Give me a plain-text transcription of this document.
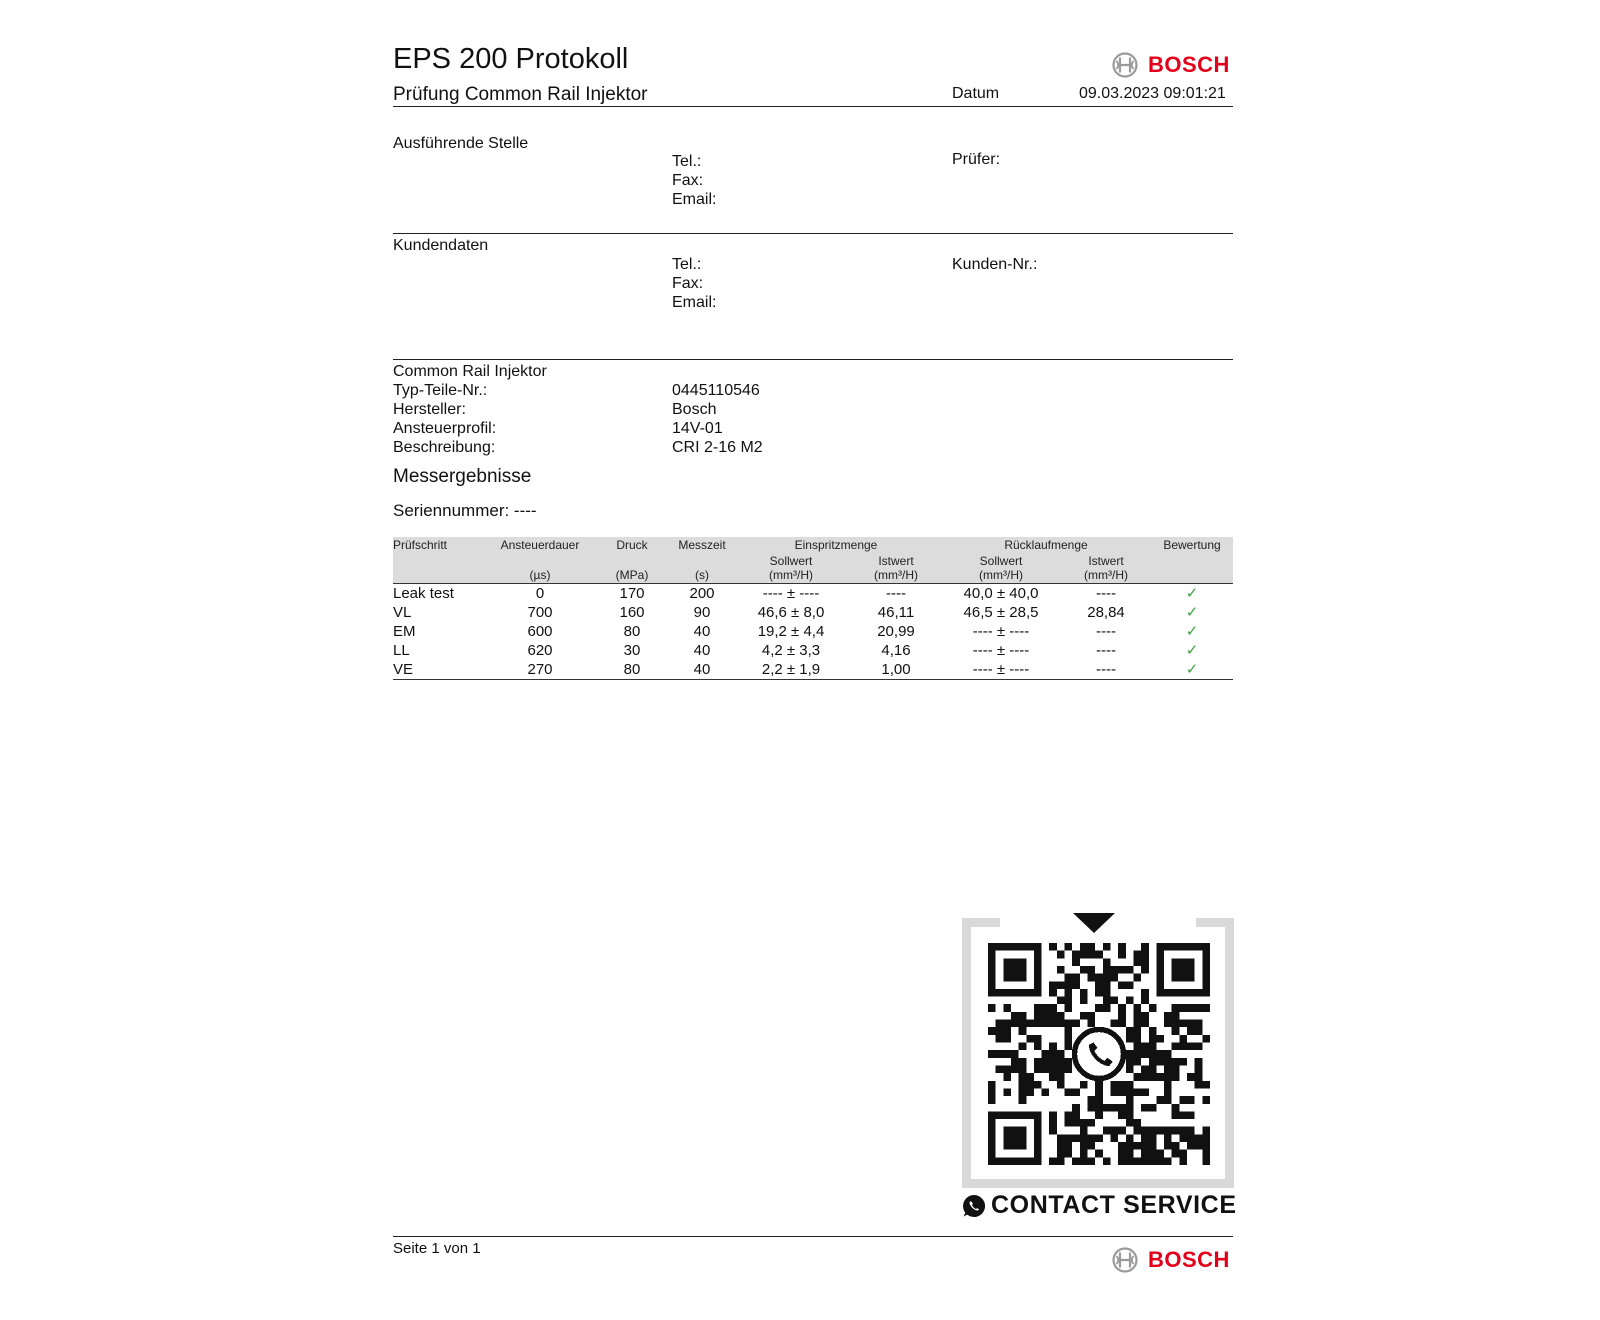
EPS 200 Protokoll
Prüfung Common Rail Injektor	Datum	09.03.2023 09:01:21
BOSCH
Ausführende Stelle
Tel.:
Fax:
Email:
Prüfer:
Kundendaten
Tel.:
Fax:
Email:
Kunden-Nr.:
Common Rail Injektor
Typ-Teile-Nr.:	0445110546
Hersteller:	Bosch
Ansteuerprofil:	14V-01
Beschreibung:	CRI 2-16 M2
Messergebnisse
Seriennummer: ----
Prüfschritt	Ansteuerdauer	Druck	Messzeit	Einspritzmenge		Rücklaufmenge		Bewertung
				Sollwert	Istwert	Sollwert	Istwert	
	(µs)	(MPa)	(s)	(mm³/H)	(mm³/H)	(mm³/H)	(mm³/H)	
Leak test	0	170	200	---- ± ----	----	40,0 ± 40,0	----	✓
VL	700	160	90	46,6 ± 8,0	46,11	46,5 ± 28,5	28,84	✓
EM	600	80	40	19,2 ± 4,4	20,99	---- ± ----	----	✓
LL	620	30	40	4,2 ± 3,3	4,16	---- ± ----	----	✓
VE	270	80	40	2,2 ± 1,9	1,00	---- ± ----	----	✓
CONTACT SERVICE
Seite 1 von 1	BOSCH
